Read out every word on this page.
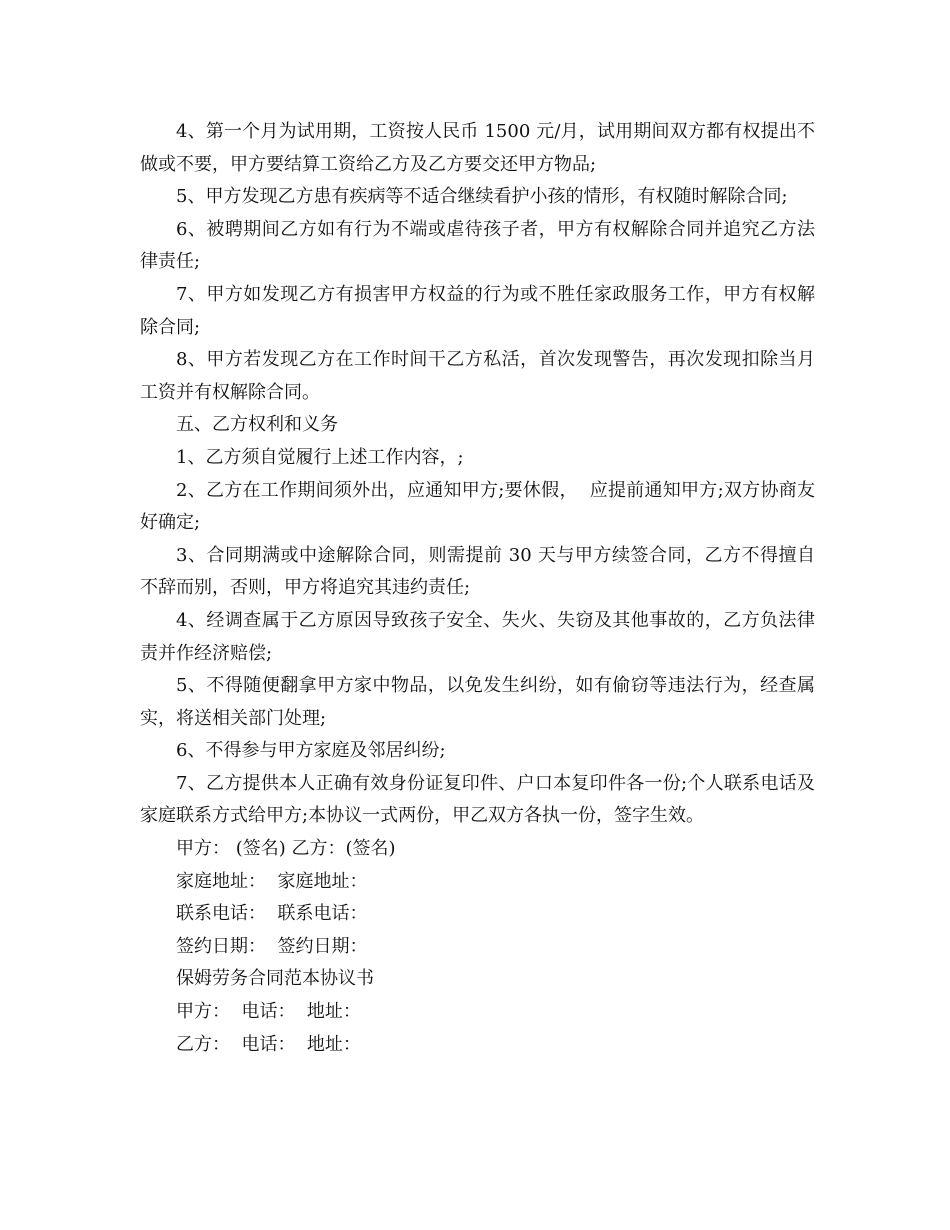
4、第一个月为试用期，工资按人民币 1500 元/月，试用期间双方都有权提出不做或不要，甲方要结算工资给乙方及乙方要交还甲方物品;

5、甲方发现乙方患有疾病等不适合继续看护小孩的情形，有权随时解除合同;

6、被聘期间乙方如有行为不端或虐待孩子者，甲方有权解除合同并追究乙方法律责任;

7、甲方如发现乙方有损害甲方权益的行为或不胜任家政服务工作，甲方有权解除合同;

8、甲方若发现乙方在工作时间干乙方私活，首次发现警告，再次发现扣除当月工资并有权解除合同。

五、乙方权利和义务

1、乙方须自觉履行上述工作内容，;

2、乙方在工作期间须外出，应通知甲方;要休假，  应提前通知甲方;双方协商友好确定;

3、合同期满或中途解除合同，则需提前 30 天与甲方续签合同，乙方不得擅自不辞而别，否则，甲方将追究其违约责任;

4、经调查属于乙方原因导致孩子安全、失火、失窃及其他事故的，乙方负法律责并作经济赔偿;

5、不得随便翻拿甲方家中物品，以免发生纠纷，如有偷窃等违法行为，经查属实，将送相关部门处理;

6、不得参与甲方家庭及邻居纠纷;

7、乙方提供本人正确有效身份证复印件、户口本复印件各一份;个人联系电话及家庭联系方式给甲方;本协议一式两份，甲乙双方各执一份，签字生效。

甲方： (签名) 乙方：(签名)

家庭地址：  家庭地址：

联系电话：  联系电话：

签约日期：  签约日期：

保姆劳务合同范本协议书

甲方：  电话：  地址：

乙方：  电话：  地址：
